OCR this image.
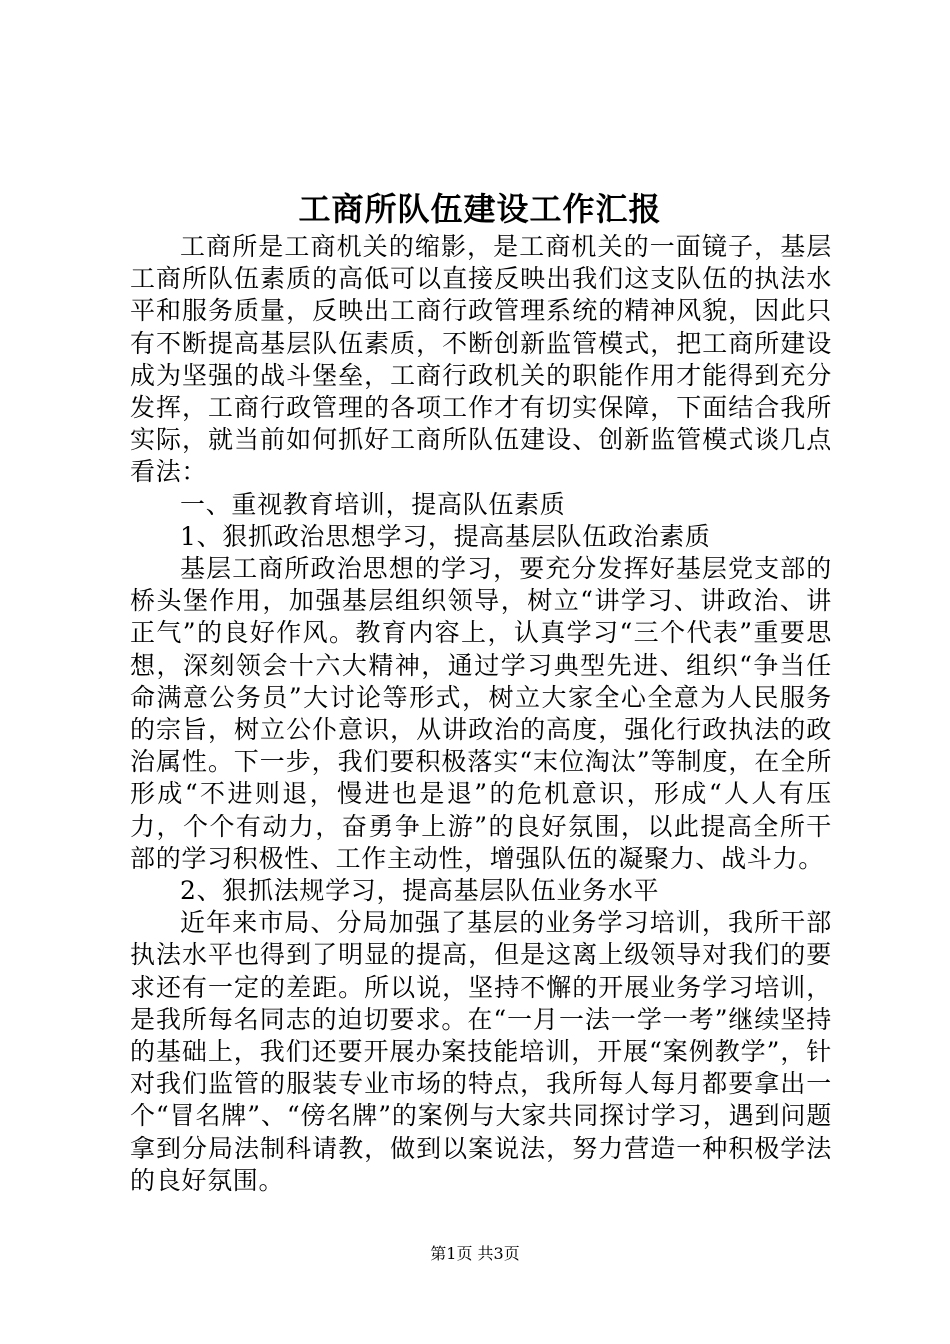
工商所队伍建设工作汇报

工商所是工商机关的缩影，是工商机关的一面镜子，基层工商所队伍素质的高低可以直接反映出我们这支队伍的执法水平和服务质量，反映出工商行政管理系统的精神风貌，因此只有不断提高基层队伍素质，不断创新监管模式，把工商所建设成为坚强的战斗堡垒，工商行政机关的职能作用才能得到充分发挥，工商行政管理的各项工作才有切实保障，下面结合我所实际，就当前如何抓好工商所队伍建设、创新监管模式谈几点看法：

一、重视教育培训，提高队伍素质

1、狠抓政治思想学习，提高基层队伍政治素质

基层工商所政治思想的学习，要充分发挥好基层党支部的桥头堡作用，加强基层组织领导，树立“讲学习、讲政治、讲正气”的良好作风。教育内容上，认真学习“三个代表”重要思想，深刻领会十六大精神，通过学习典型先进、组织“争当任命满意公务员”大讨论等形式，树立大家全心全意为人民服务的宗旨，树立公仆意识，从讲政治的高度，强化行政执法的政治属性。下一步，我们要积极落实“末位淘汰”等制度，在全所形成“不进则退，慢进也是退”的危机意识，形成“人人有压力，个个有动力，奋勇争上游”的良好氛围，以此提高全所干部的学习积极性、工作主动性，增强队伍的凝聚力、战斗力。

2、狠抓法规学习，提高基层队伍业务水平

近年来市局、分局加强了基层的业务学习培训，我所干部执法水平也得到了明显的提高，但是这离上级领导对我们的要求还有一定的差距。所以说，坚持不懈的开展业务学习培训，是我所每名同志的迫切要求。在“一月一法一学一考”继续坚持的基础上，我们还要开展办案技能培训，开展“案例教学”，针对我们监管的服装专业市场的特点，我所每人每月都要拿出一个“冒名牌”、“傍名牌”的案例与大家共同探讨学习，遇到问题拿到分局法制科请教，做到以案说法，努力营造一种积极学法的良好氛围。

第1页 共3页
